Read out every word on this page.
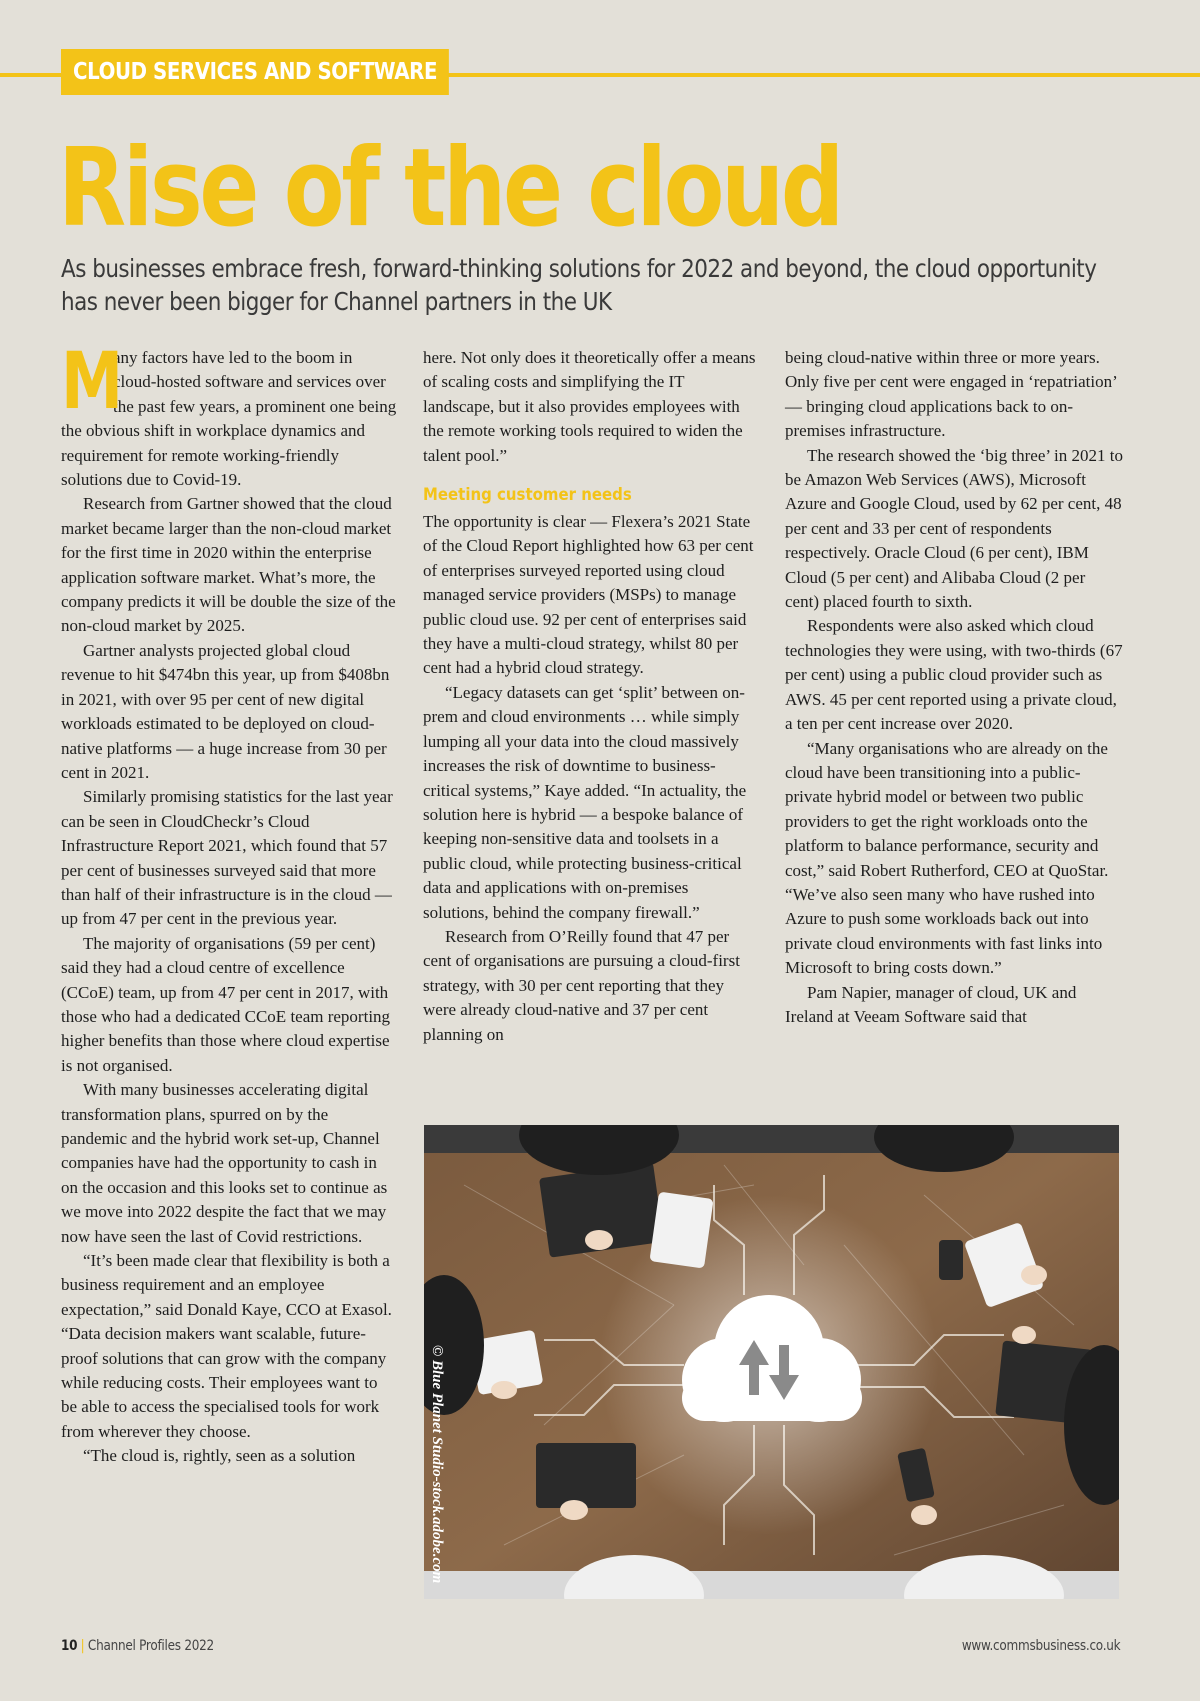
CLOUD SERVICES AND SOFTWARE
Rise of the cloud

As businesses embrace fresh, forward-thinking solutions for 2022 and beyond, the cloud opportunity has never been bigger for Channel partners in the UK

M
any factors have led to the boom in cloud-hosted software and services over the past few years, a prominent one being the obvious shift in workplace dynamics and requirement for remote working-friendly solutions due to Covid-19.

Research from Gartner showed that the cloud market became larger than the non-cloud market for the first time in 2020 within the enterprise application software market. What’s more, the company predicts it will be double the size of the non-cloud market by 2025.

Gartner analysts projected global cloud revenue to hit $474bn this year, up from $408bn in 2021, with over 95 per cent of new digital workloads estimated to be deployed on cloud-native platforms — a huge increase from 30 per cent in 2021.

Similarly promising statistics for the last year can be seen in CloudCheckr’s Cloud Infrastructure Report 2021, which found that 57 per cent of businesses surveyed said that more than half of their infrastructure is in the cloud — up from 47 per cent in the previous year.

The majority of organisations (59 per cent) said they had a cloud centre of excellence (CCoE) team, up from 47 per cent in 2017, with those who had a dedicated CCoE team reporting higher benefits than those where cloud expertise is not organised.

With many businesses accelerating digital transformation plans, spurred on by the pandemic and the hybrid work set-up, Channel companies have had the opportunity to cash in on the occasion and this looks set to continue as we move into 2022 despite the fact that we may now have seen the last of Covid restrictions.

“It’s been made clear that flexibility is both a business requirement and an employee expectation,” said Donald Kaye, CCO at Exasol. “Data decision makers want scalable, future-proof solutions that can grow with the company while reducing costs. Their employees want to be able to access the specialised tools for work from wherever they choose.

“The cloud is, rightly, seen as a solution

here. Not only does it theoretically offer a means of scaling costs and simplifying the IT landscape, but it also provides employees with the remote working tools required to widen the talent pool.”

Meeting customer needs

The opportunity is clear — Flexera’s 2021 State of the Cloud Report highlighted how 63 per cent of enterprises surveyed reported using cloud managed service providers (MSPs) to manage public cloud use. 92 per cent of enterprises said they have a multi-cloud strategy, whilst 80 per cent had a hybrid cloud strategy.

“Legacy datasets can get ‘split’ between on-prem and cloud environments … while simply lumping all your data into the cloud massively increases the risk of downtime to business-critical systems,” Kaye added. “In actuality, the solution here is hybrid — a bespoke balance of keeping non-sensitive data and toolsets in a public cloud, while protecting business-critical data and applications with on-premises solutions, behind the company firewall.”

Research from O’Reilly found that 47 per cent of organisations are pursuing a cloud-first strategy, with 30 per cent reporting that they were already cloud-native and 37 per cent planning on

being cloud-native within three or more years. Only five per cent were engaged in ‘repatriation’ — bringing cloud applications back to on-premises infrastructure.

The research showed the ‘big three’ in 2021 to be Amazon Web Services (AWS), Microsoft Azure and Google Cloud, used by 62 per cent, 48 per cent and 33 per cent of respondents respectively. Oracle Cloud (6 per cent), IBM Cloud (5 per cent) and Alibaba Cloud (2 per cent) placed fourth to sixth.

Respondents were also asked which cloud technologies they were using, with two-thirds (67 per cent) using a public cloud provider such as AWS. 45 per cent reported using a private cloud, a ten per cent increase over 2020.

“Many organisations who are already on the cloud have been transitioning into a public-private hybrid model or between two public providers to get the right workloads onto the platform to balance performance, security and cost,” said Robert Rutherford, CEO at QuoStar. “We’ve also seen many who have rushed into Azure to push some workloads back out into private cloud environments with fast links into Microsoft to bring costs down.”

Pam Napier, manager of cloud, UK and Ireland at Veeam Software said that

© Blue Planet Studio-stock.adobe.com
10 | Channel Profiles 2022	www.commsbusiness.co.uk
